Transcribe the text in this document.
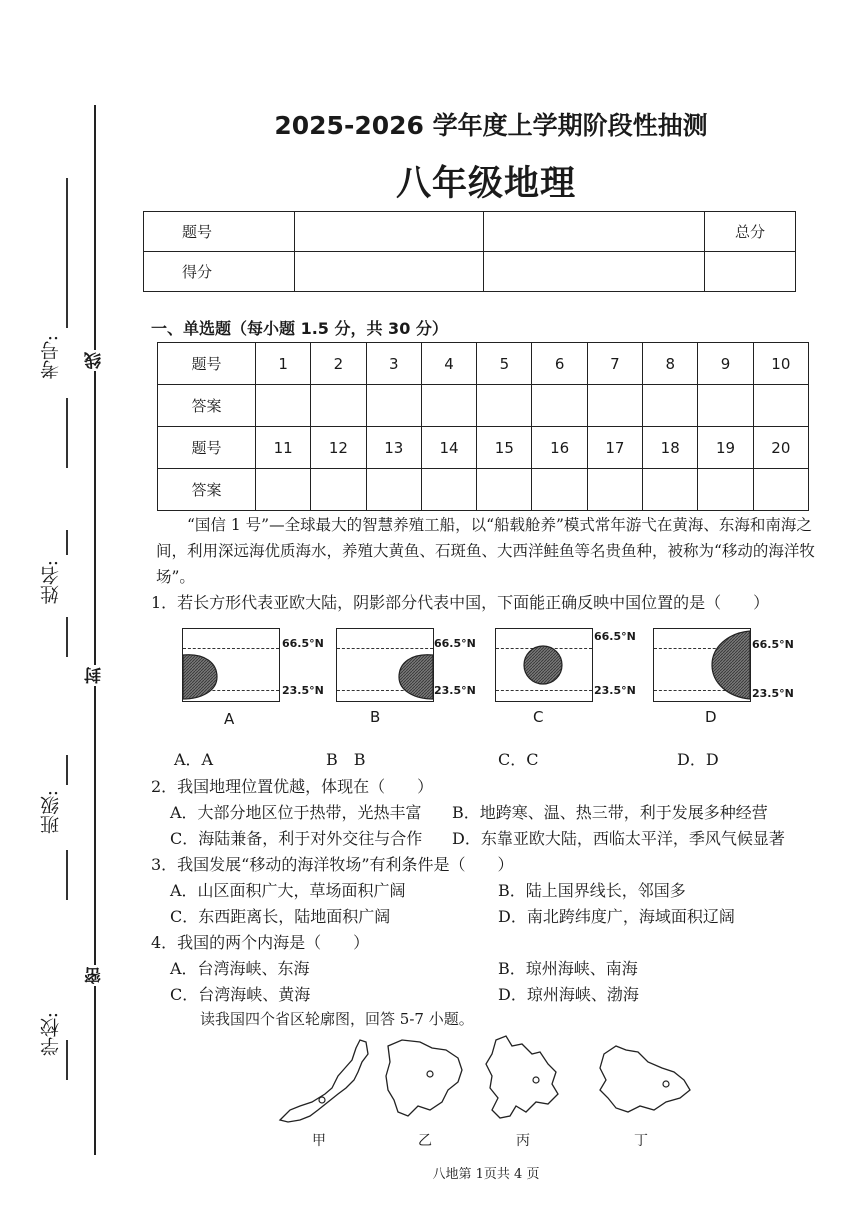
考号:
姓名:
班级:
学校:
线
封
密
2025-2026 学年度上学期阶段性抽测
八年级地理
题号			总分
得分			
一、单选题（每小题 1.5 分，共 30 分）
题号	1	2	3	4	5	6	7	8	9	10
答案										
题号	11	12	13	14	15	16	17	18	19	20
答案										
“国信 1 号”—全球最大的智慧养殖工船，以“船载舱养”模式常年游弋在黄海、东海和南海之间，利用深远海优质海水，养殖大黄鱼、石斑鱼、大西洋鲑鱼等名贵鱼种，被称为“移动的海洋牧场”。
1．若长方形代表亚欧大陆，阴影部分代表中国，下面能正确反映中国位置的是（　　）
66.5°N
23.5°N
A
66.5°N
23.5°N
B
66.5°N
23.5°N
C
66.5°N
23.5°N
D
A．A	B　B	C．C	D．D
2．我国地理位置优越，体现在（　　）
A．大部分地区位于热带，光热丰富 B．地跨寒、温、热三带，利于发展多种经营
C．海陆兼备，利于对外交往与合作 D．东靠亚欧大陆，西临太平洋，季风气候显著
3．我国发展“移动的海洋牧场”有利条件是（　　）
A．山区面积广大，草场面积广阔	B．陆上国界线长，邻国多
C．东西距离长，陆地面积广阔	D．南北跨纬度广，海域面积辽阔
4．我国的两个内海是（　　）
A．台湾海峡、东海	B．琼州海峡、南海
C．台湾海峡、黄海	D．琼州海峡、渤海
读我国四个省区轮廓图，回答 5-7 小题。
甲	乙	丙	丁
八地第 1页共 4 页
